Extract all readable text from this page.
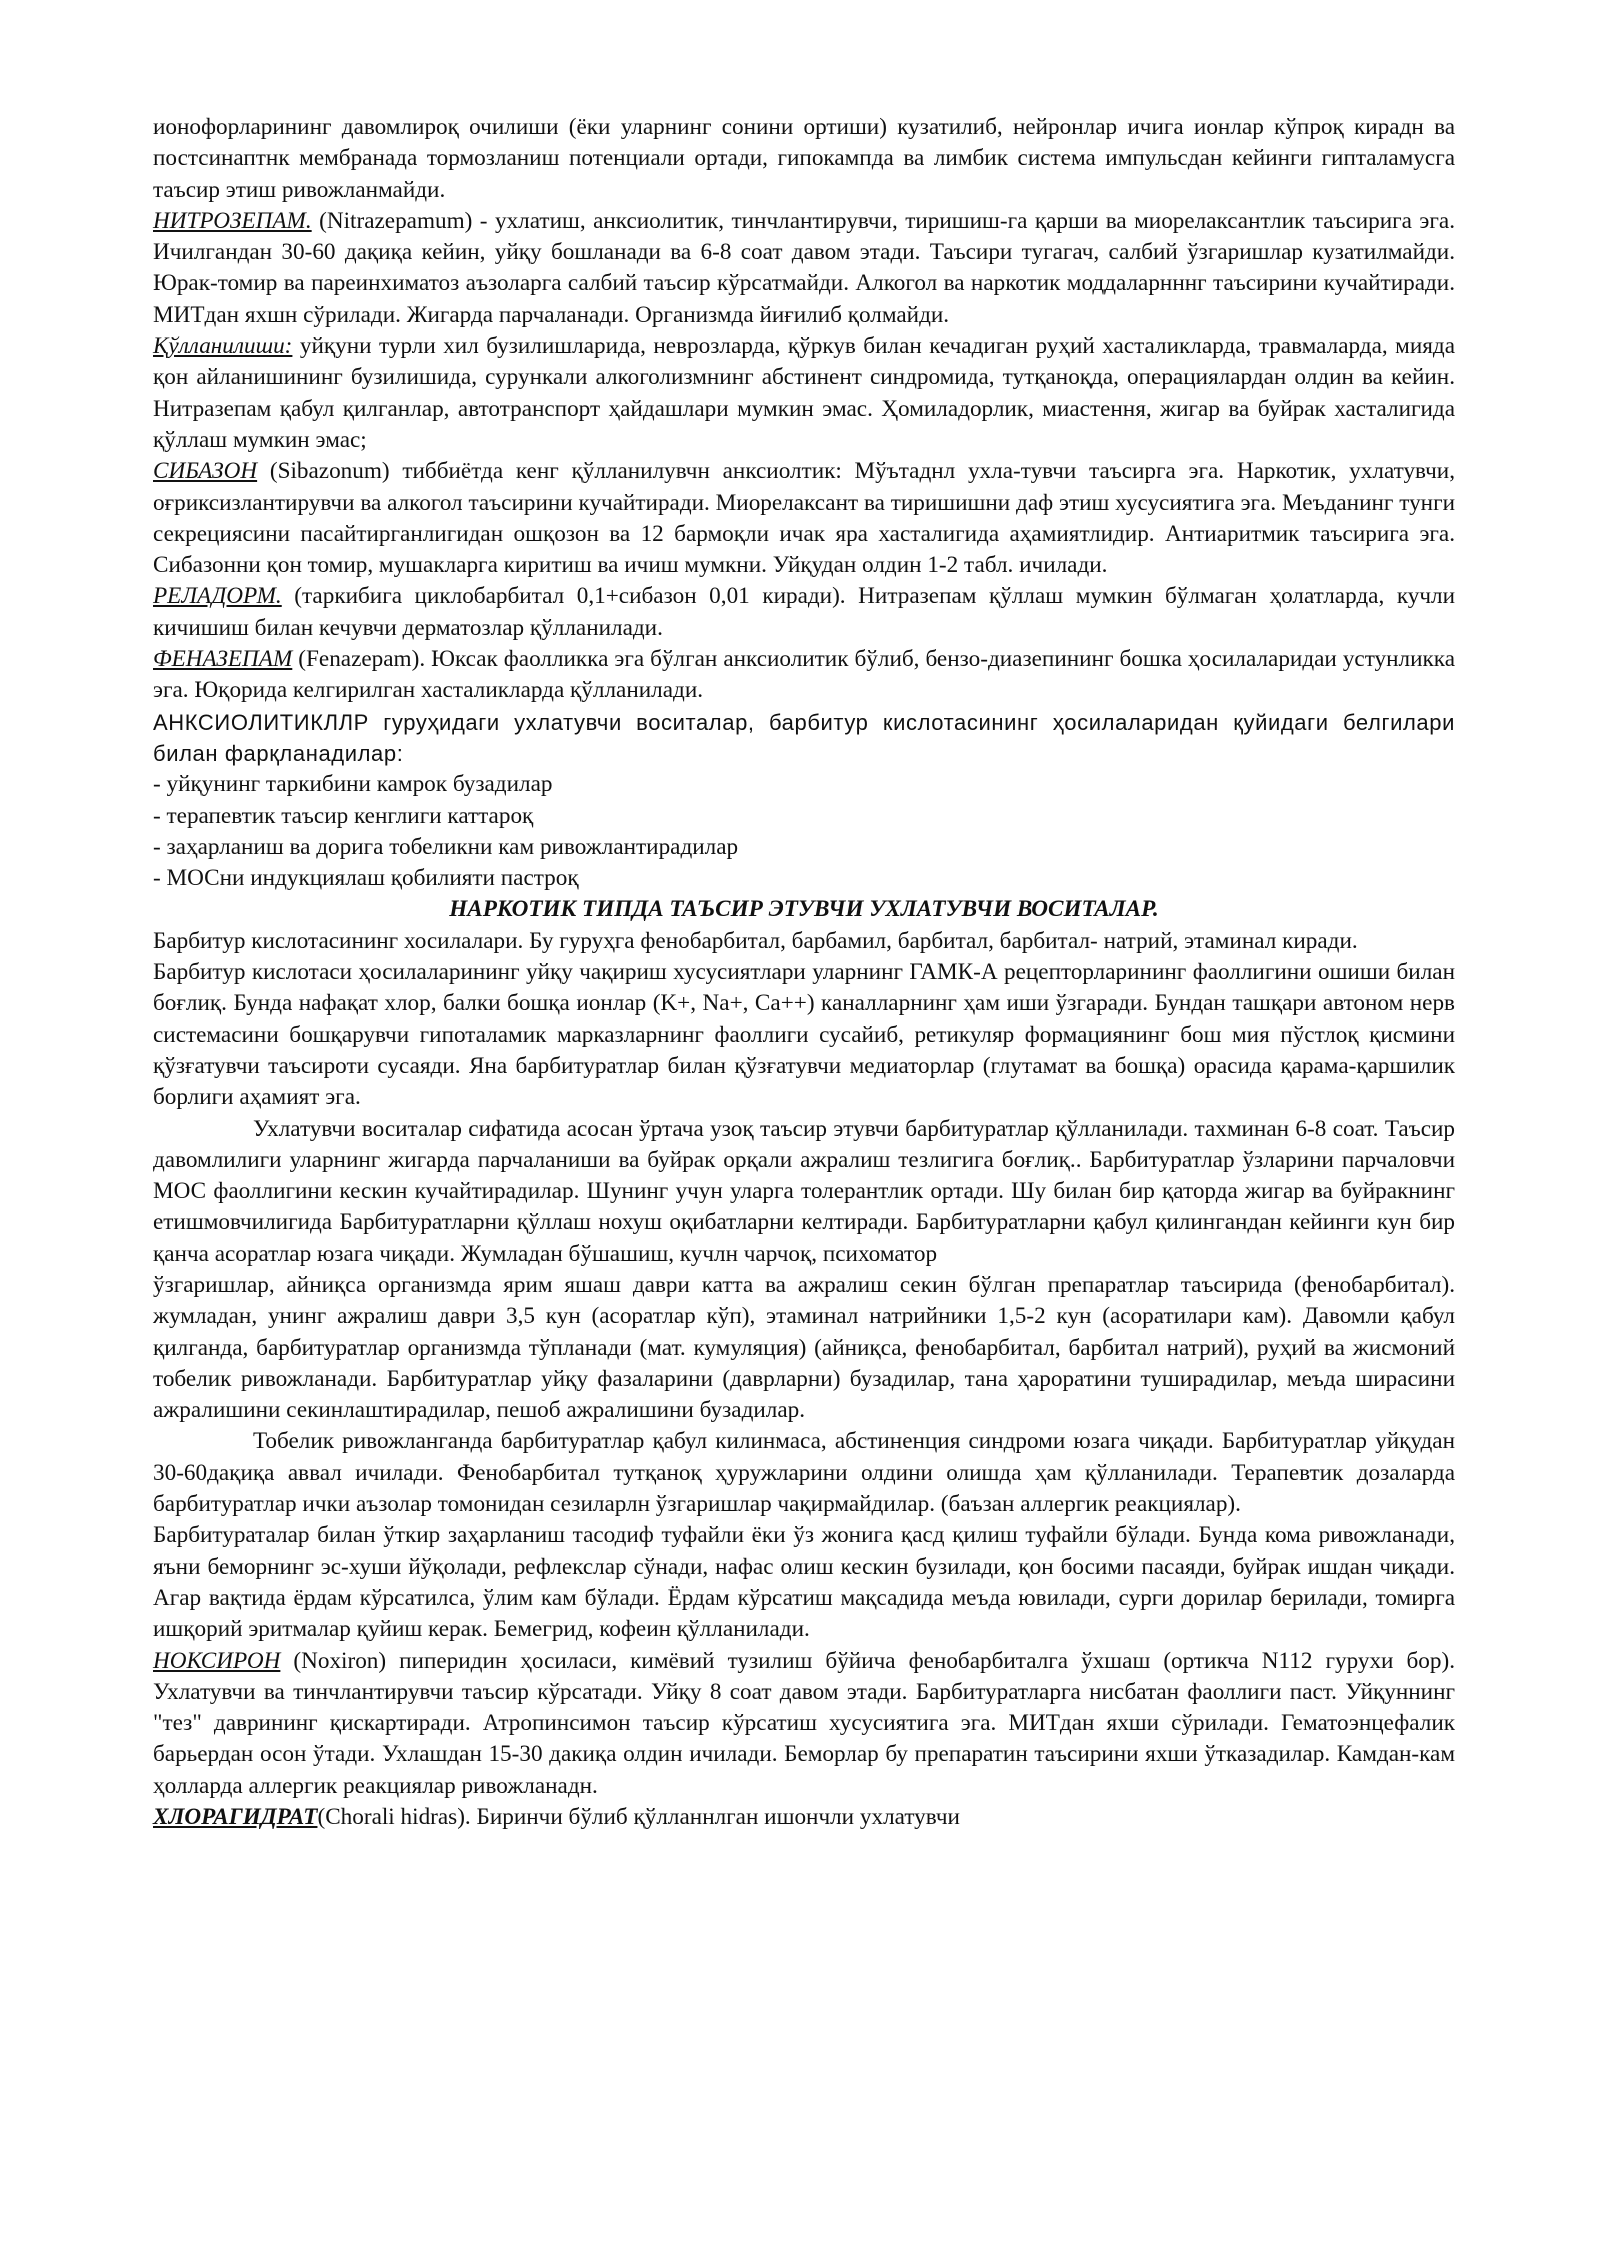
ионофорларининг давомлироқ очилиши (ёки уларнинг сонини ортиши) кузатилиб, нейронлар ичига ионлар кўпроқ кирадн ва постсинаптнк мембранада тормозланиш потенциали ортади, гипокампда ва лимбик система импульсдан кейинги гипталамусга таъсир этиш ривожланмайди.

НИТРОЗЕПАМ. (Nitrazepamum) - ухлатиш, анксиолитик, тинчлантирувчи, тиришиш-га қарши ва миорелаксантлик таъсирига эга. Ичилгандан 30-60 дақиқа кейин, уйқу бошланади ва 6-8 соат давом этади. Таъсири тугагач, салбий ўзгаришлар кузатилмайди. Юрак-томир ва пареинхиматоз аъзоларга салбий таъсир кўрсатмайди. Алкогол ва наркотик моддаларнннг таъсирини кучайтиради. МИТдан яхшн сўрилади. Жигарда парчаланади. Организмда йиғилиб қолмайди.

Қўлланилиши: уйқуни турли хил бузилишларида, неврозларда, қўркув билан кечадиган руҳий хасталикларда, травмаларда, мияда қон айланишининг бузилишида, сурункали алкоголизмнинг абстинент синдромида, тутқаноқда, операциялардан олдин ва кейин. Нитразепам қабул қилганлар, автотранспорт ҳайдашлари мумкин эмас. Ҳомиладорлик, миастення, жигар ва буйрак хасталигида қўллаш мумкин эмас;

СИБАЗОН (Sibazonum) тиббиётда кенг қўлланилувчн анксиолтик: Мўътаднл ухла-тувчи таъсирга эга. Наркотик, ухлатувчи, оғриксизлантирувчи ва алкогол таъсирини кучайтиради. Миорелаксант ва тиришишни даф этиш хусусиятига эга. Меъданинг тунги секрециясини пасайтирганлигидан ошқозон ва 12 бармоқли ичак яра хасталигида аҳамиятлидир. Антиаритмик таъсирига эга. Сибазонни қон томир, мушакларга киритиш ва ичиш мумкни. Уйқудан олдин 1-2 табл. ичилади.

РЕЛАДОРМ. (таркибига циклобарбитал 0,1+сибазон 0,01 киради). Нитразепам қўллаш мумкин бўлмаган ҳолатларда, кучли кичишиш билан кечувчи дерматозлар қўлланилади.

ФЕНАЗЕПАМ (Fenazepam). Юксак фаолликка эга бўлган анксиолитик бўлиб, бензо-диазепининг бошка ҳосилаларидаи устунликка эга. Юқорида келгирилган хасталикларда қўлланилади.

АНКСИОЛИТИКЛЛР гуруҳидаги ухлатувчи воситалар, барбитур кислотасининг ҳосилаларидан қуйидаги белгилари билан фарқланадилар:

- уйқунинг таркибини камрок бузадилар

- терапевтик таъсир кенглиги каттароқ

- заҳарланиш ва дорига тобеликни кам ривожлантирадилар

- МОСни индукциялаш қобилияти пастроқ

НАРКОТИК ТИПДА ТАЪСИР ЭТУВЧИ УХЛАТУВЧИ ВОСИТАЛАР.

Барбитур кислотасининг хосилалари. Бу гуруҳга фенобарбитал, барбамил, барбитал, барбитал- натрий, этаминал киради.

Барбитур кислотаси ҳосилаларининг уйқу чақириш хусусиятлари уларнинг ГАМК-А рецепторларининг фаоллигини ошиши билан боғлиқ. Бунда нафақат хлор, балки бошқа ионлар (K+, Na+, Ca++) каналларнинг ҳам иши ўзгаради. Бундан ташқари автоном нерв системасини бошқарувчи гипоталамик марказларнинг фаоллиги сусайиб, ретикуляр формациянинг бош мия пўстлоқ қисмини қўзғатувчи таъсироти сусаяди. Яна барбитуратлар билан қўзғатувчи медиаторлар (глутамат ва бошқа) орасида қарама-қаршилик борлиги аҳамият эга.

Ухлатувчи воситалар сифатида асосан ўртача узоқ таъсир этувчи барбитуратлар қўлланилади. тахминан 6-8 соат. Таъсир давомлилиги уларнинг жигарда парчаланиши ва буйрак орқали ажралиш тезлигига боғлиқ.. Барбитуратлар ўзларини парчаловчи МОС фаоллигини кескин кучайтирадилар. Шунинг учун уларга толерантлик ортади. Шу билан бир қаторда жигар ва буйракнинг етишмовчилигида Барбитуратларни қўллаш нохуш оқибатларни келтиради. Барбитуратларни қабул қилингандан кейинги кун бир қанча асоратлар юзага чиқади. Жумладан бўшашиш, кучлн чарчоқ, психоматор

ўзгаришлар, айниқса организмда ярим яшаш даври катта ва ажралиш секин бўлган препаратлар таъсирида (фенобарбитал). жумладан, унинг ажралиш даври 3,5 кун (асоратлар кўп), этаминал натрийники 1,5-2 кун (асоратилари кам). Давомли қабул қилганда, барбитуратлар организмда тўпланади (мат. кумуляция) (айниқса, фенобарбитал, барбитал натрий), руҳий ва жисмоний тобелик ривожланади. Барбитуратлар уйқу фазаларини (даврларни) бузадилар, тана ҳароратини туширадилар, меъда ширасини ажралишини секинлаштирадилар, пешоб ажралишини бузадилар.

Тобелик ривожланганда барбитуратлар қабул килинмаса, абстиненция синдроми юзага чиқади. Барбитуратлар уйқудан 30-60дақиқа аввал ичилади. Фенобарбитал тутқаноқ ҳуружларини олдини олишда ҳам қўлланилади. Терапевтик дозаларда барбитуратлар ички аъзолар томонидан сезиларлн ўзгаришлар чақирмайдилар. (баъзан аллергик реакциялар).

Барбитураталар билан ўткир заҳарланиш тасодиф туфайли ёки ўз жонига қасд қилиш туфайли бўлади. Бунда кома ривожланади, яъни беморнинг эс-хуши йўқолади, рефлекслар сўнади, нафас олиш кескин бузилади, қон босими пасаяди, буйрак ишдан чиқади. Агар вақтида ёрдам кўрсатилса, ўлим кам бўлади. Ёрдам кўрсатиш мақсадида меъда ювилади, сурги дорилар берилади, томирга ишқорий эритмалар қуйиш керак. Бемегрид, кофеин қўлланилади.

НОКСИРОН (Noxiron) пиперидин ҳосиласи, кимёвий тузилиш бўйича фенобарбиталга ўхшаш (ортикча N112 гурухи бор). Ухлатувчи ва тинчлантирувчи таъсир кўрсатади. Уйқу 8 соат давом этади. Барбитуратларга нисбатан фаоллиги паст. Уйқуннинг "тез" даврининг қискартиради. Атропинсимон таъсир кўрсатиш хусусиятига эга. МИТдан яхши сўрилади. Гематоэнцефалик барьердан осон ўтади. Ухлашдан 15-30 дакиқа олдин ичилади. Беморлар бу препаратин таъсирини яхши ўтказадилар. Камдан-кам ҳолларда аллергик реакциялар ривожланадн.

ХЛОРАГИДРАТ(Chorali hidras). Биринчи бўлиб қўлланнлган ишончли ухлатувчи
